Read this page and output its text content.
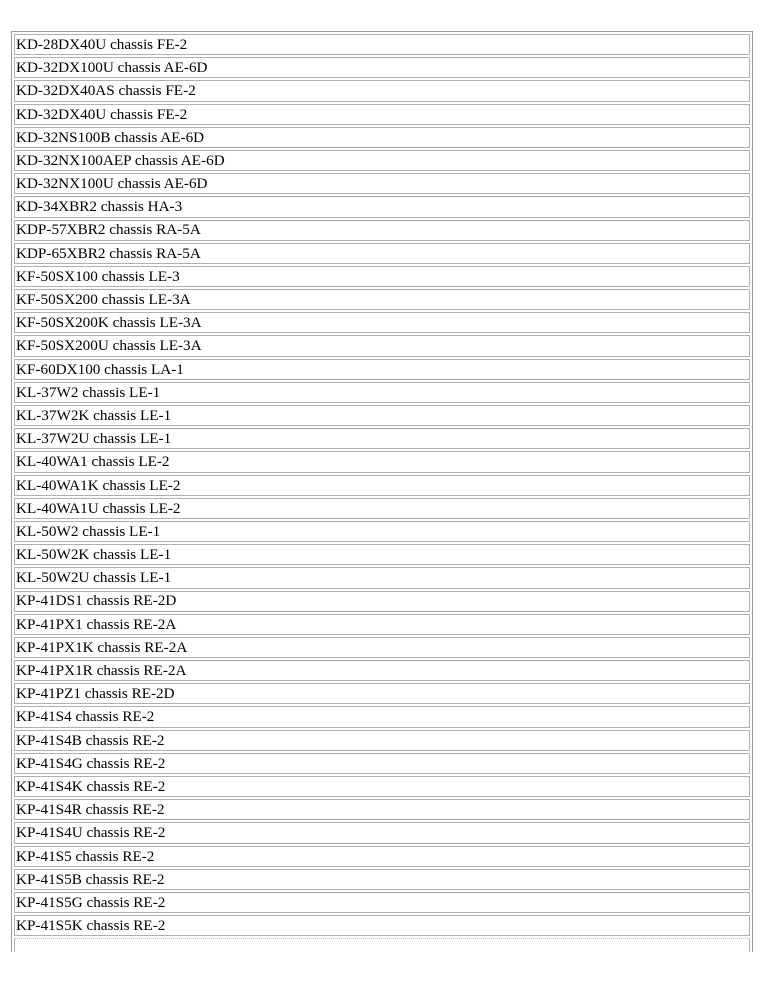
KD-28DX40U chassis FE-2
KD-32DX100U chassis AE-6D
KD-32DX40AS chassis FE-2
KD-32DX40U chassis FE-2
KD-32NS100B chassis AE-6D
KD-32NX100AEP chassis AE-6D
KD-32NX100U chassis AE-6D
KD-34XBR2 chassis HA-3
KDP-57XBR2 chassis RA-5A
KDP-65XBR2 chassis RA-5A
KF-50SX100 chassis LE-3
KF-50SX200 chassis LE-3A
KF-50SX200K chassis LE-3A
KF-50SX200U chassis LE-3A
KF-60DX100 chassis LA-1
KL-37W2 chassis LE-1
KL-37W2K chassis LE-1
KL-37W2U chassis LE-1
KL-40WA1 chassis LE-2
KL-40WA1K chassis LE-2
KL-40WA1U chassis LE-2
KL-50W2 chassis LE-1
KL-50W2K chassis LE-1
KL-50W2U chassis LE-1
KP-41DS1 chassis RE-2D
KP-41PX1 chassis RE-2A
KP-41PX1K chassis RE-2A
KP-41PX1R chassis RE-2A
KP-41PZ1 chassis RE-2D
KP-41S4 chassis RE-2
KP-41S4B chassis RE-2
KP-41S4G chassis RE-2
KP-41S4K chassis RE-2
KP-41S4R chassis RE-2
KP-41S4U chassis RE-2
KP-41S5 chassis RE-2
KP-41S5B chassis RE-2
KP-41S5G chassis RE-2
KP-41S5K chassis RE-2
